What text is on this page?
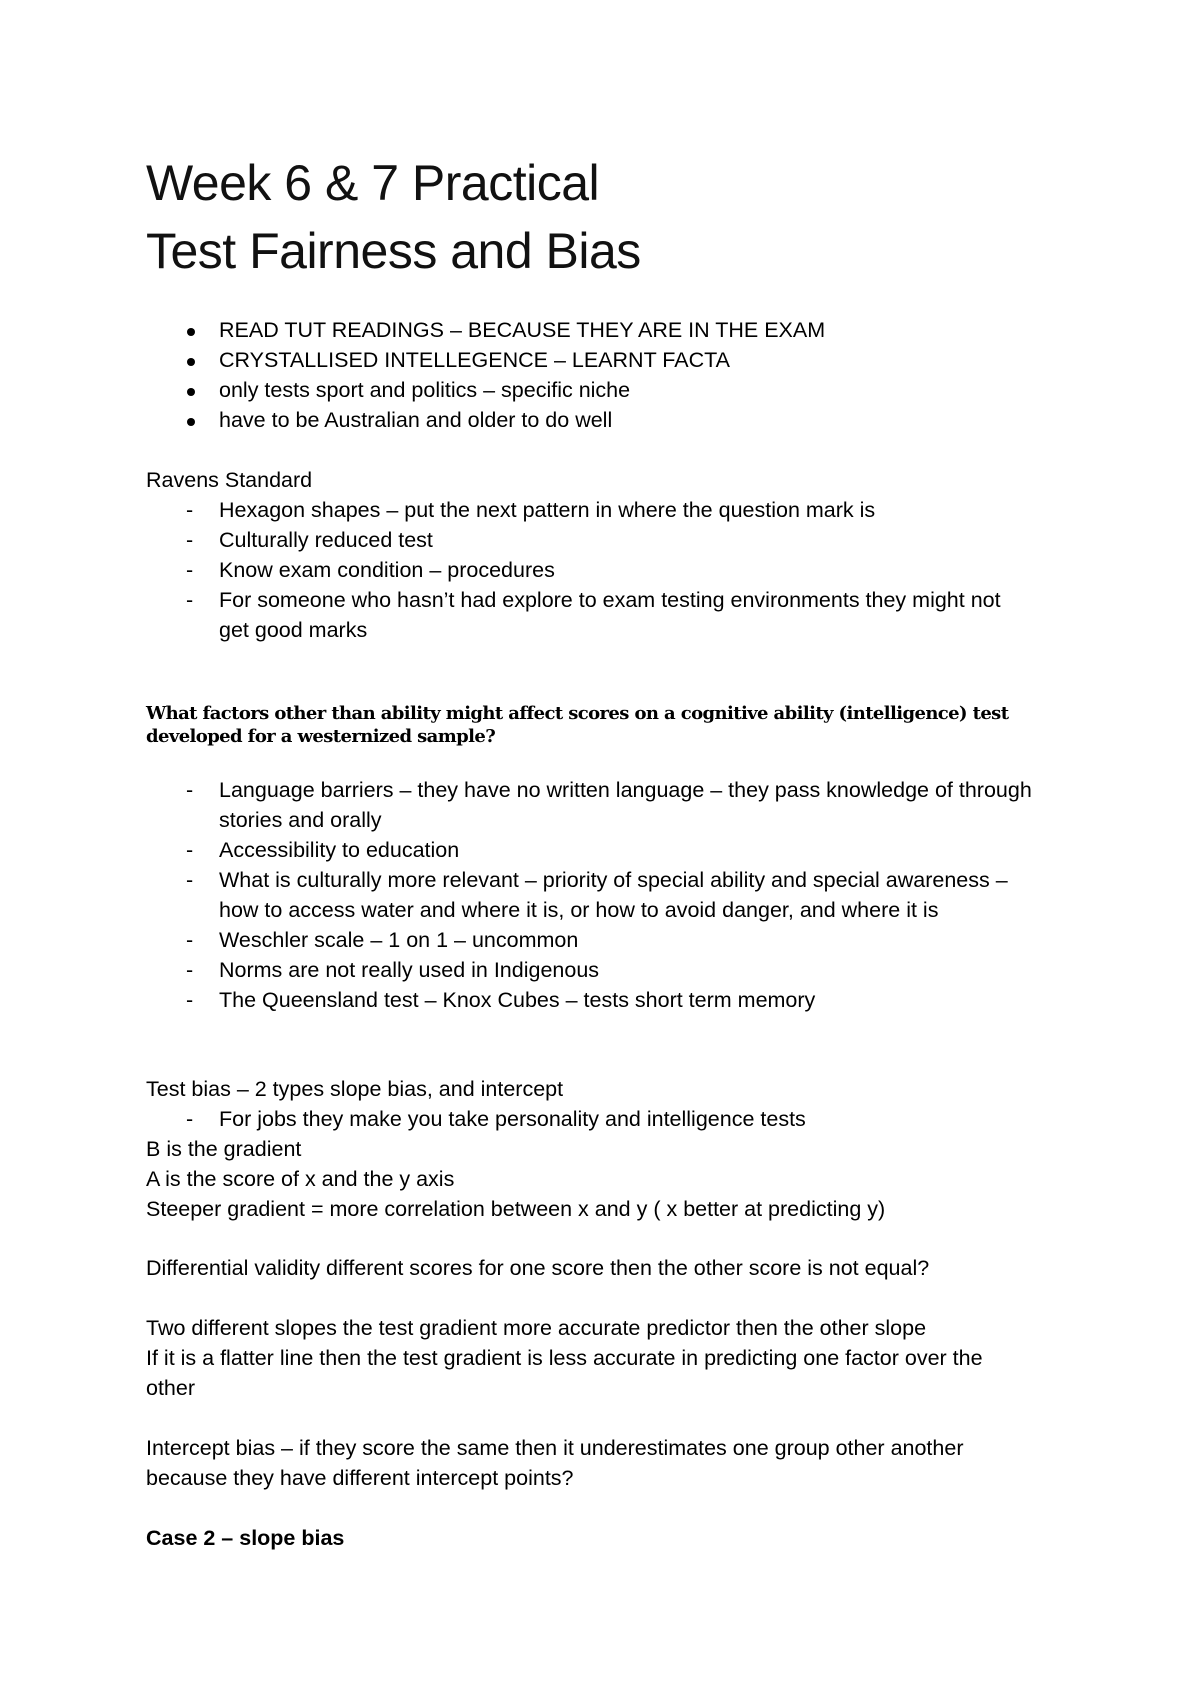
Week 6 & 7 Practical
Test Fairness and Bias
READ TUT READINGS – BECAUSE THEY ARE IN THE EXAM
CRYSTALLISED INTELLEGENCE – LEARNT FACTA
only tests sport and politics – specific niche
have to be Australian and older to do well
Ravens Standard
- Hexagon shapes – put the next pattern in where the question mark is
- Culturally reduced test
- Know exam condition – procedures
- For someone who hasn’t had explore to exam testing environments they might not
get good marks
What factors other than ability might affect scores on a cognitive ability (intelligence) test
developed for a westernized sample?
- Language barriers – they have no written language – they pass knowledge of through
stories and orally
- Accessibility to education
- What is culturally more relevant – priority of special ability and special awareness –
how to access water and where it is, or how to avoid danger, and where it is
- Weschler scale – 1 on 1 – uncommon
- Norms are not really used in Indigenous
- The Queensland test – Knox Cubes – tests short term memory
Test bias – 2 types slope bias, and intercept
- For jobs they make you take personality and intelligence tests
B is the gradient
A is the score of x and the y axis
Steeper gradient = more correlation between x and y ( x better at predicting y)
Differential validity different scores for one score then the other score is not equal?
Two different slopes the test gradient more accurate predictor then the other slope
If it is a flatter line then the test gradient is less accurate in predicting one factor over the
other
Intercept bias – if they score the same then it underestimates one group other another
because they have different intercept points?
Case 2 – slope bias
